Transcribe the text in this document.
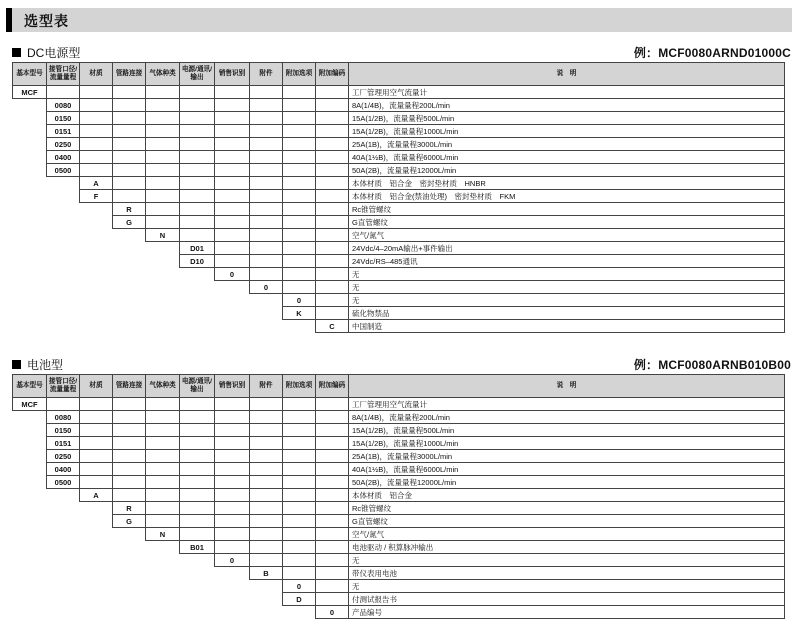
选型表
DC电源型	例：MCF0080ARND01000C
基本型号	接管口径/流量量程	材质	管路连接	气体种类	电源/通讯/输出	销售识别	附件	附加选项	附加编码	说　明
MCF										工厂管理用空气流量计
	0080									8A(1/4B)，流量量程200L/min
	0150									15A(1/2B)，流量量程500L/min
	0151									15A(1/2B)，流量量程1000L/min
	0250									25A(1B)，流量量程3000L/min
	0400									40A(1½B)，流量量程6000L/min
	0500									50A(2B)，流量量程12000L/min
		A								本体材质　铝合金　密封垫材质　HNBR
		F								本体材质　铝合金(禁油处理)　密封垫材质　FKM
			R							Rc锥管螺纹
			G							G直管螺纹
				N						空气/氮气
					D01					24Vdc/4–20mA输出+事件输出
					D10					24Vdc/RS–485通讯
						0				无
							0			无
								0		无
								K		硫化物禁品
									C	中国制造
电池型	例：MCF0080ARNB010B00
基本型号	接管口径/流量量程	材质	管路连接	气体种类	电源/通讯/输出	销售识别	附件	附加选项	附加编码	说　明
MCF										工厂管理用空气流量计
	0080									8A(1/4B)，流量量程200L/min
	0150									15A(1/2B)，流量量程500L/min
	0151									15A(1/2B)，流量量程1000L/min
	0250									25A(1B)，流量量程3000L/min
	0400									40A(1½B)，流量量程6000L/min
	0500									50A(2B)，流量量程12000L/min
		A								本体材质　铝合金
			R							Rc锥管螺纹
			G							G直管螺纹
				N						空气/氮气
					B01					电池驱动 / 积算脉冲输出
						0				无
							B			带仪表用电池
								0		无
								D		付测试报告书
									0	产品编号
